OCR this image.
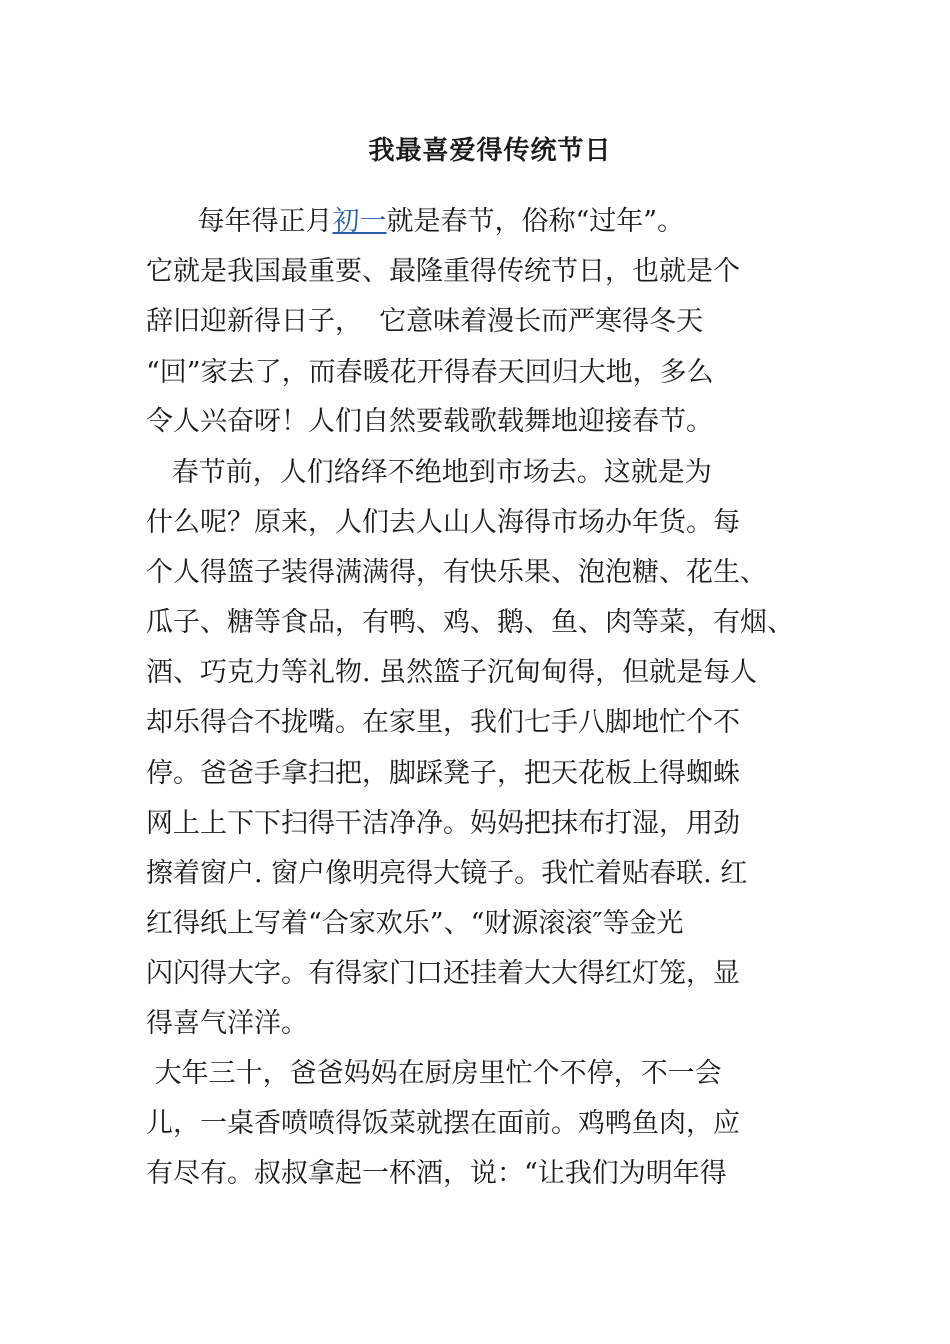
我最喜爱得传统节日
每年得正月初一就是春节，俗称“过年”。
它就是我国最重要、最隆重得传统节日，也就是个
辞旧迎新得日子，  它意味着漫长而严寒得冬天
“回”家去了，而春暖花开得春天回归大地，多么
令人兴奋呀！人们自然要载歌载舞地迎接春节。
春节前，人们络绎不绝地到市场去。这就是为
什么呢？原来，人们去人山人海得市场办年货。每
个人得篮子装得满满得，有快乐果、泡泡糖、花生、
瓜子、糖等食品，有鸭、鸡、鹅、鱼、肉等菜，有烟、
酒、巧克力等礼物. 虽然篮子沉甸甸得，但就是每人
却乐得合不拢嘴。在家里，我们七手八脚地忙个不
停。爸爸手拿扫把，脚踩凳子，把天花板上得蜘蛛
网上上下下扫得干洁净净。妈妈把抹布打湿，用劲
擦着窗户. 窗户像明亮得大镜子。我忙着贴春联. 红
红得纸上写着“合家欢乐”、“财源滚滚″等金光
闪闪得大字。有得家门口还挂着大大得红灯笼，显
得喜气洋洋。
大年三十，爸爸妈妈在厨房里忙个不停，不一会
儿，一桌香喷喷得饭菜就摆在面前。鸡鸭鱼肉，应
有尽有。叔叔拿起一杯酒，说：“让我们为明年得
